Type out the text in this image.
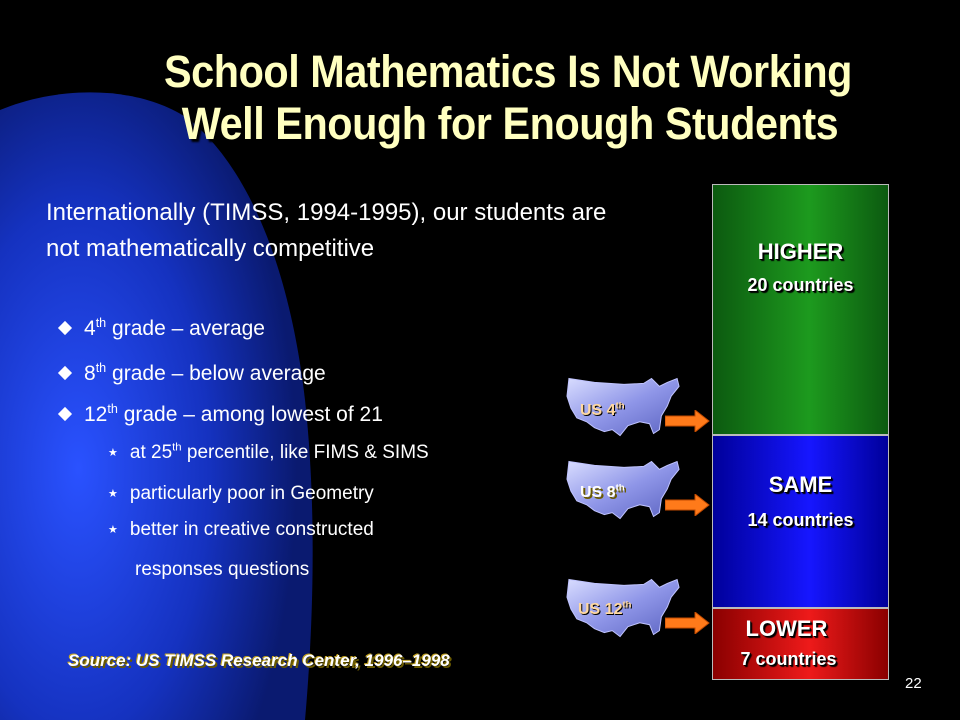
School Mathematics Is Not Working
Well Enough for Enough Students
Internationally (TIMSS, 1994-1995), our students are not mathematically competitive
4th grade – average
8th grade – below average
12th grade – among lowest of 21
★ at 25th percentile, like FIMS & SIMS
★ particularly poor in Geometry
★ better in creative constructed
responses questions
Source: US TIMSS Research Center, 1996–1998
22
HIGHER
20 countries
SAME
14 countries
LOWER
7 countries
US 4th
US 8th
US 12th
